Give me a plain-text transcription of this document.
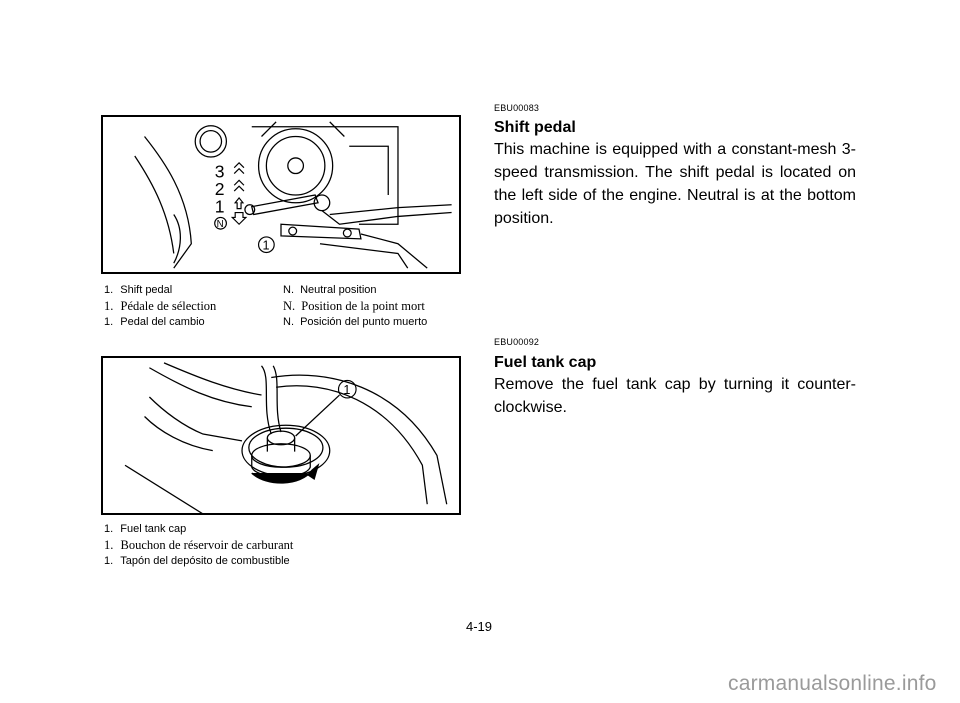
3
2
1
N
1
1. Shift pedal	N. Neutral position
1. Pédale de sélection	N. Position de la point mort
1. Pedal del cambio	N. Posición del punto muerto
1
1. Fuel tank cap
1. Bouchon de réservoir de carburant
1. Tapón del depósito de combustible
EBU00083
Shift pedal
This machine is equipped with a constant-mesh 3-speed transmission. The shift pedal is located on the left side of the engine. Neutral is at the bottom position.
EBU00092
Fuel tank cap
Remove the fuel tank cap by turning it counter-clockwise.
4-19
carmanualsonline.info
